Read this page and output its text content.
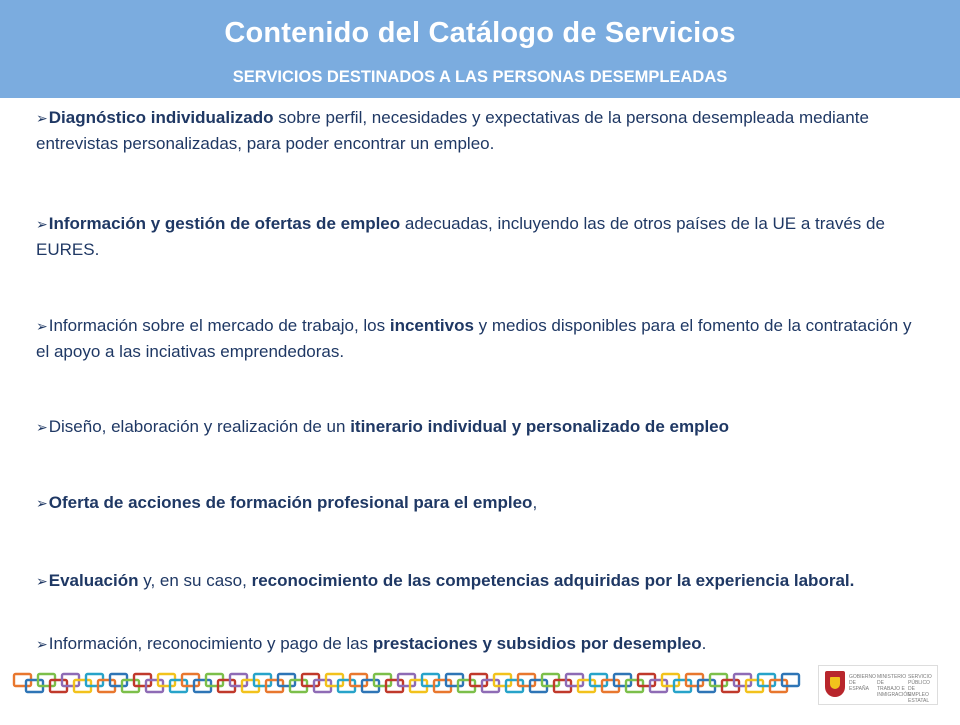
Contenido del Catálogo de Servicios
SERVICIOS DESTINADOS A LAS PERSONAS DESEMPLEADAS
➢Diagnóstico individualizado sobre perfil, necesidades y expectativas de la persona desempleada mediante entrevistas personalizadas, para poder encontrar un empleo.
➢Información y gestión de ofertas de empleo adecuadas, incluyendo las de otros países de la UE a través de EURES.
➢Información sobre el mercado de trabajo, los incentivos y medios disponibles para el fomento de la contratación y el apoyo a las inciativas emprendedoras.
➢Diseño, elaboración y realización de un itinerario individual y personalizado de empleo
➢Oferta de acciones de formación profesional para el empleo,
➢Evaluación y, en su caso, reconocimiento de las competencias adquiridas por la experiencia laboral.
➢Información, reconocimiento y pago de las prestaciones y subsidios por desempleo.
GOBIERNO DE ESPAÑA
MINISTERIO DE TRABAJO E INMIGRACIÓN
SERVICIO PÚBLICO DE EMPLEO ESTATAL
